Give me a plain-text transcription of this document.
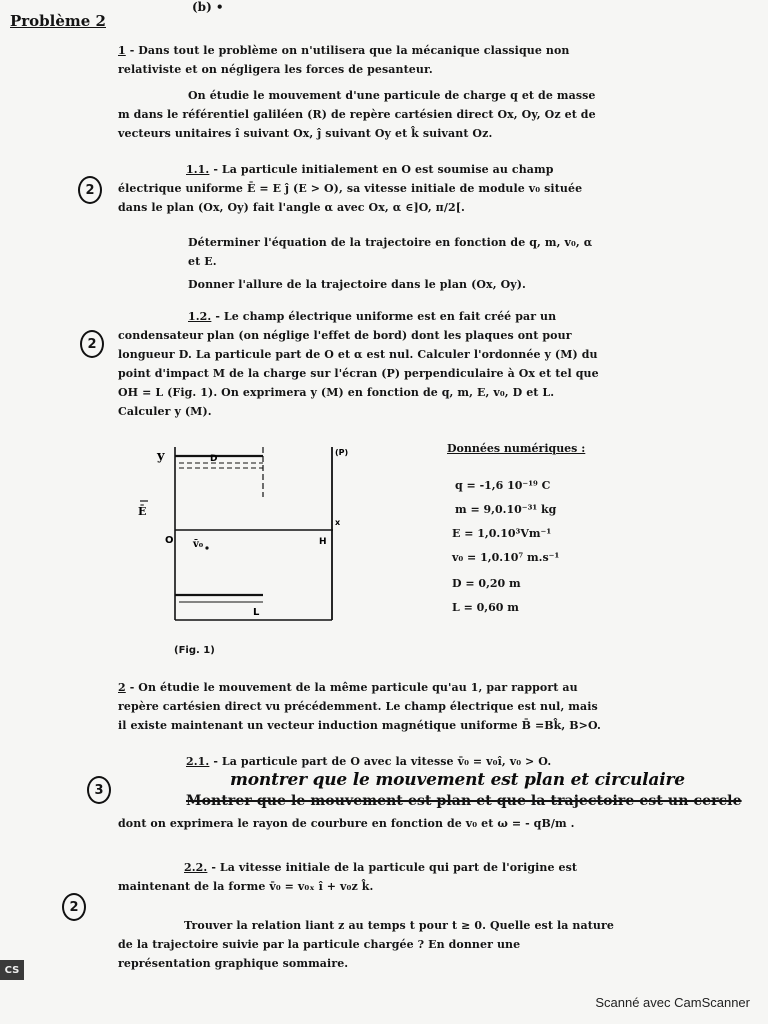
Problème 2
(b) •
1 - Dans tout le problème on n'utilisera que la mécanique classique non relativiste et on négligera les forces de pesanteur.
On étudie le mouvement d'une particule de charge q et de masse m dans le référentiel galiléen (R) de repère cartésien direct Ox, Oy, Oz et de vecteurs unitaires î suivant Ox, ĵ suivant Oy et k̂ suivant Oz.
2
1.1. - La particule initialement en O est soumise au champ électrique uniforme Ē = E ĵ (E > O), sa vitesse initiale de module v₀ située dans le plan (Ox, Oy) fait l'angle α avec Ox, α ∈]O, π/2[.
Déterminer l'équation de la trajectoire en fonction de q, m, v₀, α et E.
Donner l'allure de la trajectoire dans le plan (Ox, Oy).
2
1.2. - Le champ électrique uniforme est en fait créé par un condensateur plan (on néglige l'effet de bord) dont les plaques ont pour longueur D. La particule part de O et α est nul. Calculer l'ordonnée y (M) du point d'impact M de la charge sur l'écran (P) perpendiculaire à Ox et tel que OH = L (Fig. 1). On exprimera y (M) en fonction de q, m, E, v₀, D et L. Calculer y (M).
y	D
(P)
Ē
O v̄₀	H
x
L
(Fig. 1)
Données numériques :
q = -1,6 10⁻¹⁹ C
m = 9,0.10⁻³¹ kg
E = 1,0.10³Vm⁻¹
v₀ = 1,0.10⁷ m.s⁻¹
D = 0,20 m
L = 0,60 m
2 - On étudie le mouvement de la même particule qu'au 1, par rapport au repère cartésien direct vu précédemment. Le champ électrique est nul, mais il existe maintenant un vecteur induction magnétique uniforme B̄ =Bk̂, B>O.
3
2.1. - La particule part de O avec la vitesse v̄₀ = v₀î, v₀ > O.
montrer que le mouvement est plan et circulaire
Montrer que le mouvement est plan et que la trajectoire est un cercle
dont on exprimera le rayon de courbure en fonction de v₀ et ω = - qB/m .
2
2.2. - La vitesse initiale de la particule qui part de l'origine est maintenant de la forme v̄₀ = v₀ₓ î + v₀z k̂.
Trouver la relation liant z au temps t pour t ≥ 0. Quelle est la nature de la trajectoire suivie par la particule chargée ? En donner une représentation graphique sommaire.
CS
Scanné avec CamScanner
